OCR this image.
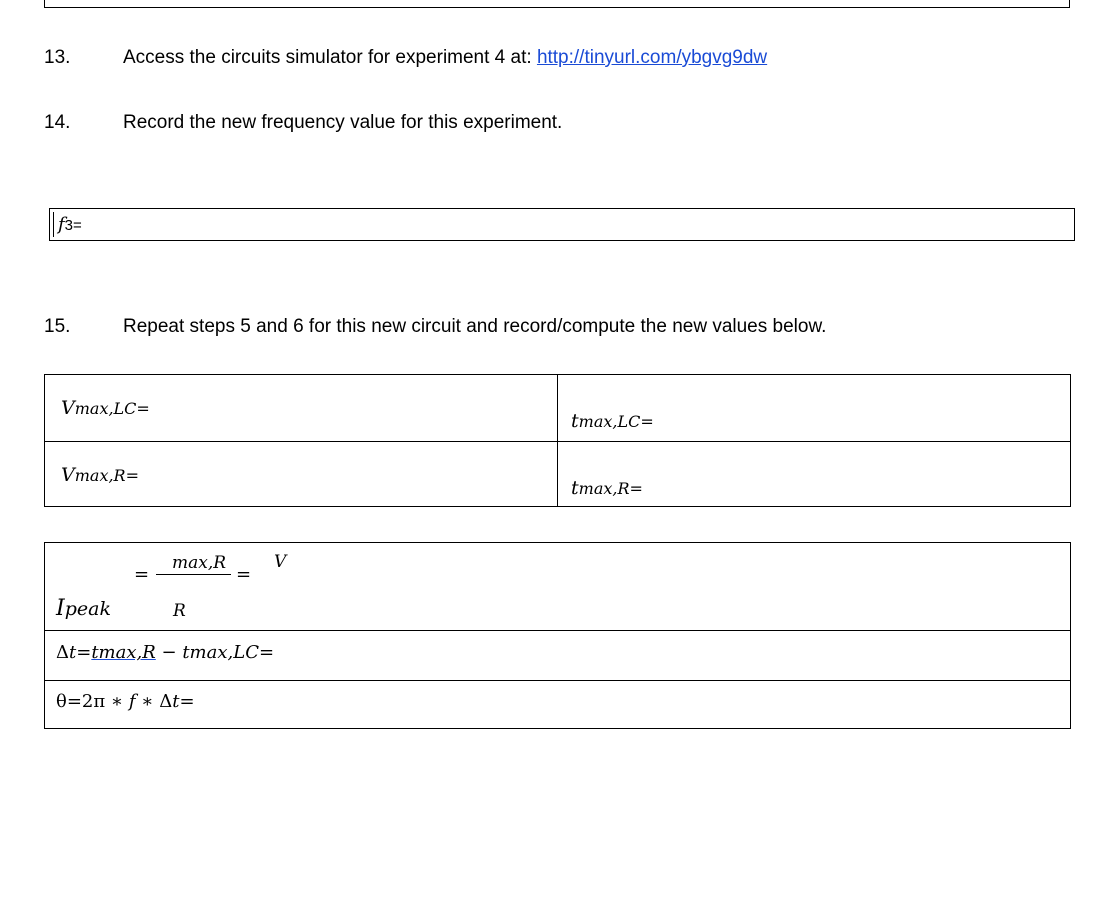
13.	Access the circuits simulator for experiment 4 at: http://tinyurl.com/ybgvg9dw
14.	Record the new frequency value for this experiment.
f3=
15.	Repeat steps 5 and 6 for this new circuit and record/compute the new values below.
Vmax,LC=	tmax,LC=

Vmax,R=	tmax,R=
=
max,R
=
V
Ipeak	R
Δt=tmax,R − tmax,LC=
θ=2π ∗ f ∗ Δt=
